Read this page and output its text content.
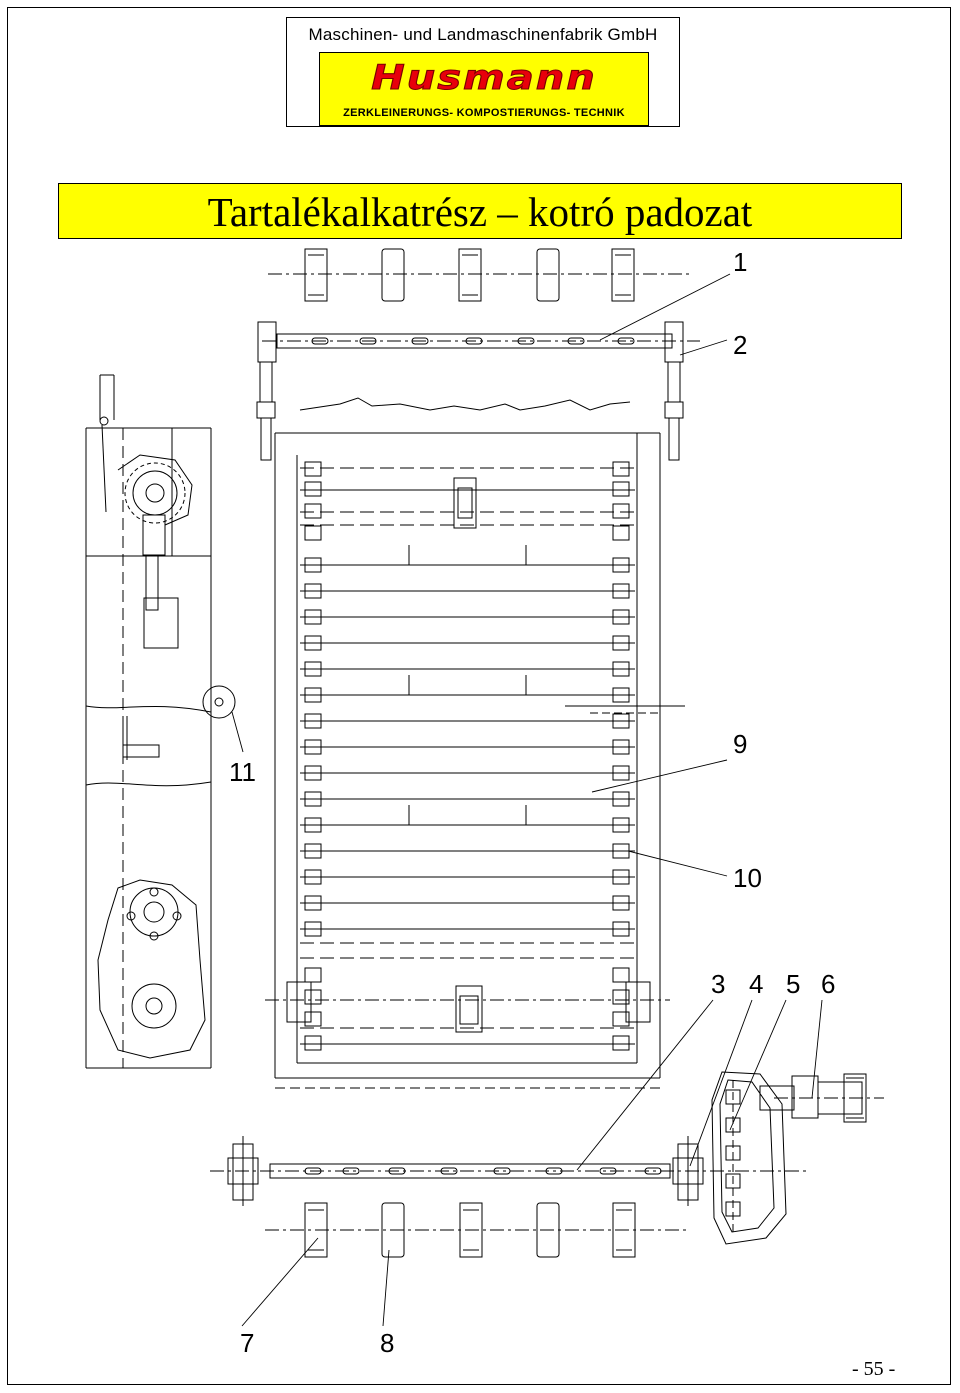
Maschinen- und Landmaschinenfabrik GmbH
Husmann
ZERKLEINERUNGS- KOMPOSTIERUNGS- TECHNIK
Tartalékalkatrész – kotró padozat
1
2
9
10
11
3 4 5 6
7	8
- 55 -
